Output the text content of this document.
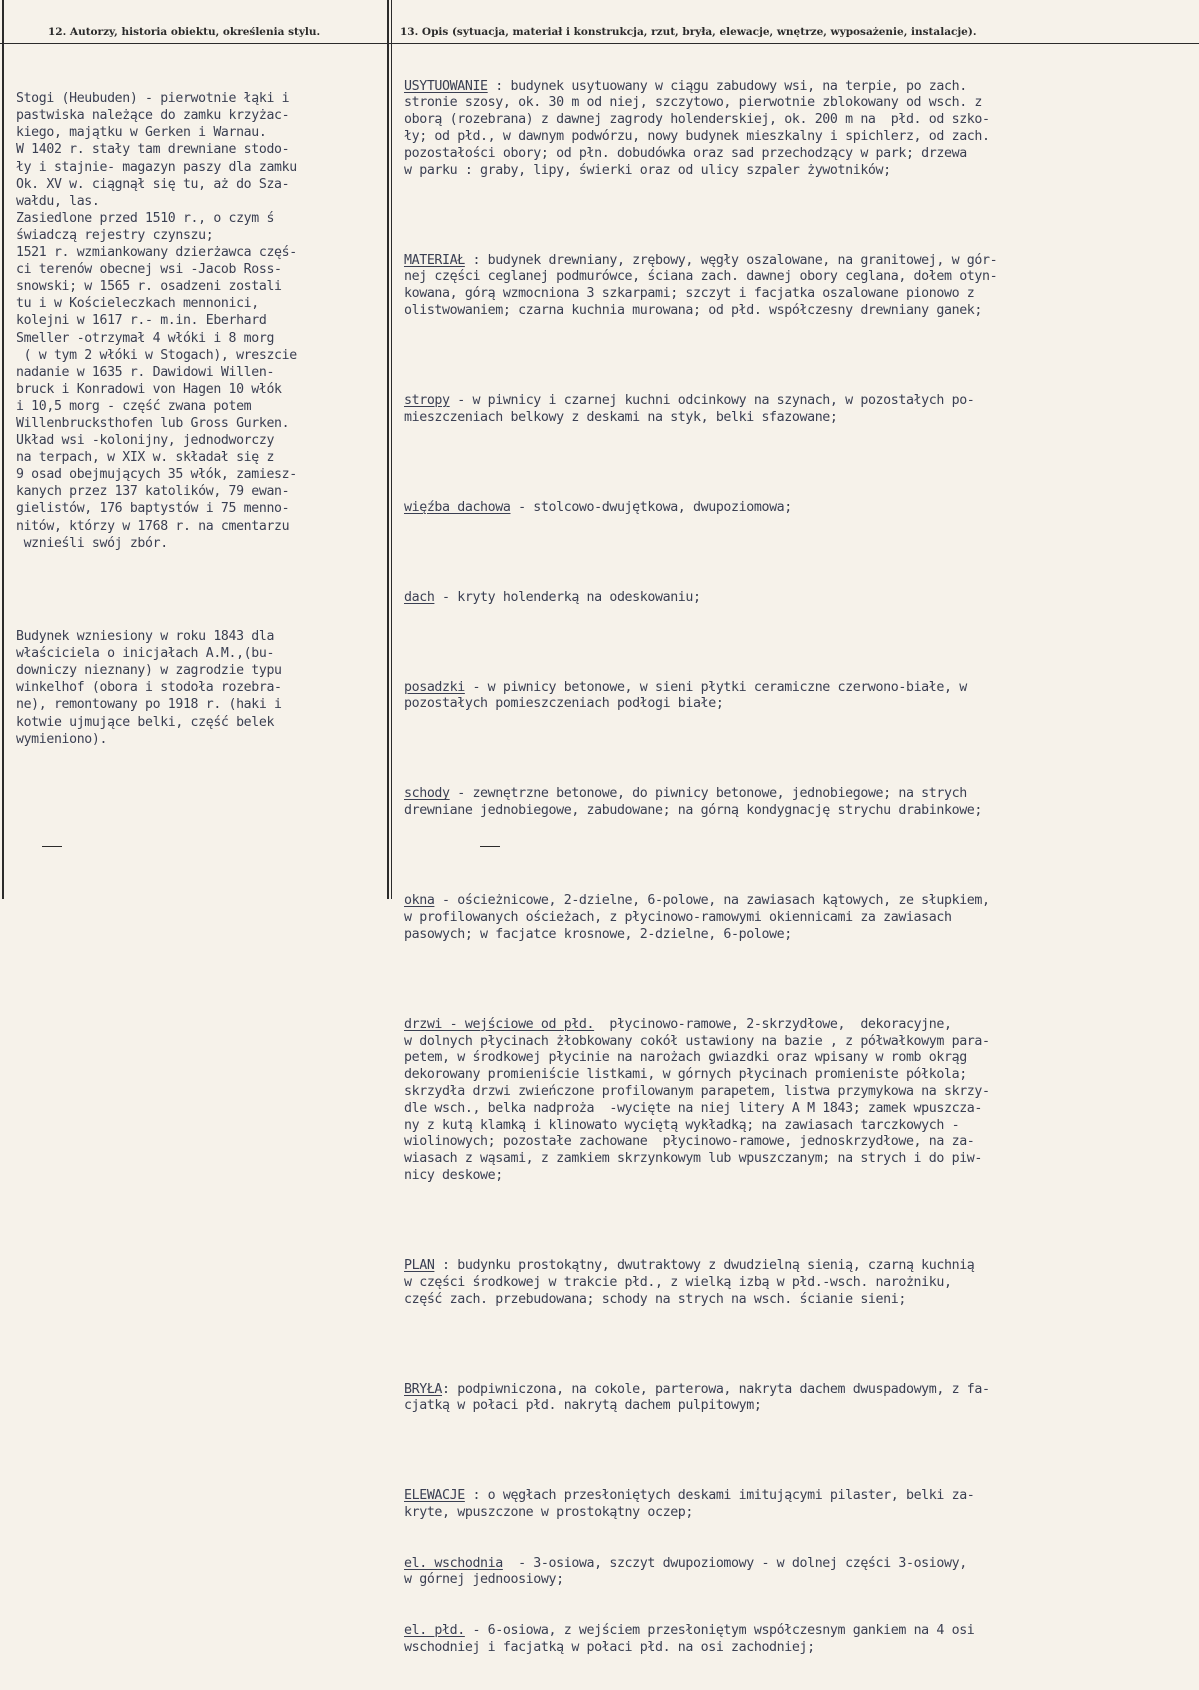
12. Autorzy, historia obiektu, określenia stylu.	13. Opis (sytuacja, materiał i konstrukcja, rzut, bryła, elewacje, wnętrze, wyposażenie, instalacje).

Stogi (Heubuden) - pierwotnie łąki i
pastwiska należące do zamku krzyżac-
kiego, majątku w Gerken i Warnau.
W 1402 r. stały tam drewniane stodo-
ły i stajnie- magazyn paszy dla zamku
Ok. XV w. ciągnął się tu, aż do Sza-
wałdu, las.
Zasiedlone przed 1510 r., o czym ś
świadczą rejestry czynszu;
1521 r. wzmiankowany dzierżawca częś-
ci terenów obecnej wsi -Jacob Ross-
snowski; w 1565 r. osadzeni zostali
tu i w Kościeleczkach mennonici,
kolejni w 1617 r.- m.in. Eberhard
Smeller -otrzymał 4 włóki i 8 morg
( w tym 2 włóki w Stogach), wreszcie
nadanie w 1635 r. Dawidowi Willen-
bruck i Konradowi von Hagen 10 włók
i 10,5 morg - część zwana potem
Willenbrucksthofen lub Gross Gurken.
Układ wsi -kolonijny, jednodworczy
na terpach, w XIX w. składał się z
9 osad obejmujących 35 włók, zamiesz-
kanych przez 137 katolików, 79 ewan-
gielistów, 176 baptystów i 75 menno-
nitów, którzy w 1768 r. na cmentarzu
wznieśli swój zbór.

Budynek wzniesiony w roku 1843 dla
właściciela o inicjałach A.M.,(bu-
downiczy nieznany) w zagrodzie typu
winkelhof (obora i stodoła rozebra-
ne), remontowany po 1918 r. (haki i
kotwie ujmujące belki, część belek
wymieniono).

USYTUOWANIE : budynek usytuowany w ciągu zabudowy wsi, na terpie, po zach.
stronie szosy, ok. 30 m od niej, szczytowo, pierwotnie zblokowany od wsch. z
oborą (rozebrana) z dawnej zagrody holenderskiej, ok. 200 m na  płd. od szko-
ły; od płd., w dawnym podwórzu, nowy budynek mieszkalny i spichlerz, od zach.
pozostałości obory; od płn. dobudówka oraz sad przechodzący w park; drzewa
w parku : graby, lipy, świerki oraz od ulicy szpaler żywotników;

MATERIAŁ : budynek drewniany, zrębowy, węgły oszalowane, na granitowej, w gór-
nej części ceglanej podmurówce, ściana zach. dawnej obory ceglana, dołem otyn-
kowana, górą wzmocniona 3 szkarpami; szczyt i facjatka oszalowane pionowo z
olistwowaniem; czarna kuchnia murowana; od płd. współczesny drewniany ganek;

stropy - w piwnicy i czarnej kuchni odcinkowy na szynach, w pozostałych po-
mieszczeniach belkowy z deskami na styk, belki sfazowane;

więźba dachowa - stolcowo-dwujętkowa, dwupoziomowa;

dach - kryty holenderką na odeskowaniu;

posadzki - w piwnicy betonowe, w sieni płytki ceramiczne czerwono-białe, w
pozostałych pomieszczeniach podłogi białe;

schody - zewnętrzne betonowe, do piwnicy betonowe, jednobiegowe; na strych
drewniane jednobiegowe, zabudowane; na górną kondygnację strychu drabinkowe;

okna - ościeżnicowe, 2-dzielne, 6-polowe, na zawiasach kątowych, ze słupkiem,
w profilowanych ościeżach, z płycinowo-ramowymi okiennicami za zawiasach
pasowych; w facjatce krosnowe, 2-dzielne, 6-polowe;

drzwi - wejściowe od płd.  płycinowo-ramowe, 2-skrzydłowe,  dekoracyjne,
w dolnych płycinach żłobkowany cokół ustawiony na bazie , z półwałkowym para-
petem, w środkowej płycinie na narożach gwiazdki oraz wpisany w romb okrąg
dekorowany promieniście listkami, w górnych płycinach promieniste półkola;
skrzydła drzwi zwieńczone profilowanym parapetem, listwa przymykowa na skrzy-
dle wsch., belka nadproża  -wycięte na niej litery A M 1843; zamek wpuszcza-
ny z kutą klamką i klinowato wyciętą wykładką; na zawiasach tarczkowych -
wiolinowych; pozostałe zachowane  płycinowo-ramowe, jednoskrzydłowe, na za-
wiasach z wąsami, z zamkiem skrzynkowym lub wpuszczanym; na strych i do piw-
nicy deskowe;

PLAN : budynku prostokątny, dwutraktowy z dwudzielną sienią, czarną kuchnią
w części środkowej w trakcie płd., z wielką izbą w płd.-wsch. narożniku,
część zach. przebudowana; schody na strych na wsch. ścianie sieni;

BRYŁA: podpiwniczona, na cokole, parterowa, nakryta dachem dwuspadowym, z fa-
cjatką w połaci płd. nakrytą dachem pulpitowym;

ELEWACJE : o węgłach przesłoniętych deskami imitującymi pilaster, belki za-
kryte, wpuszczone w prostokątny oczep;

el. wschodnia  - 3-osiowa, szczyt dwupoziomowy - w dolnej części 3-osiowy,
w górnej jednoosiowy;

el. płd. - 6-osiowa, z wejściem przesłoniętym współczesnym gankiem na 4 osi
wschodniej i facjatką w połaci płd. na osi zachodniej;
